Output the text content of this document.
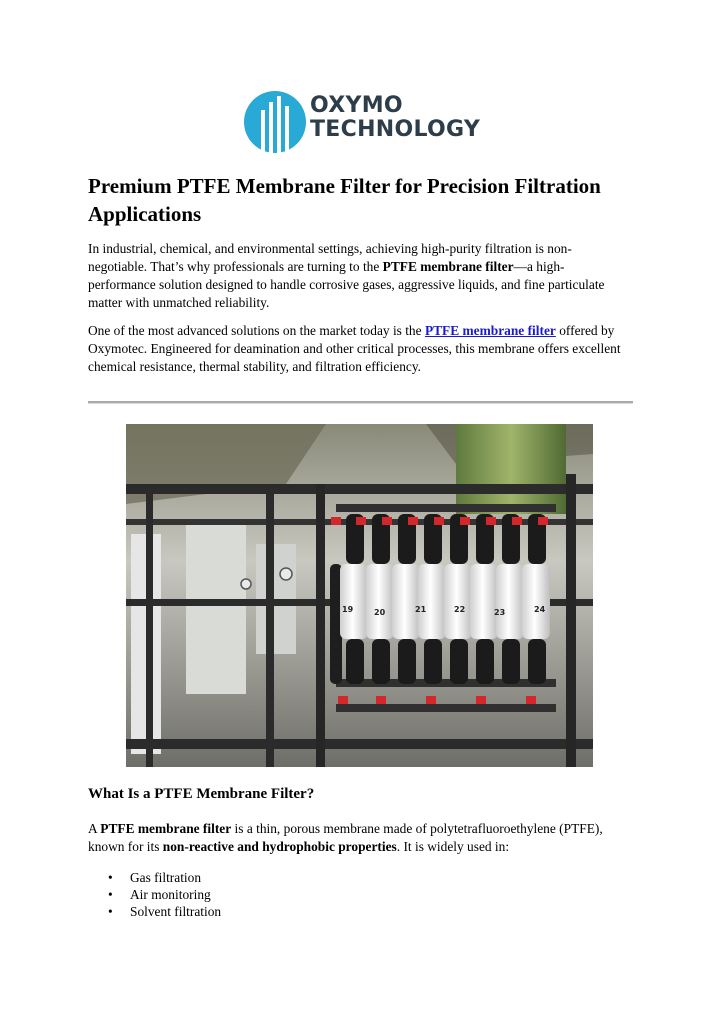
OXYMO
TECHNOLOGY
Premium PTFE Membrane Filter for Precision Filtration Applications

In industrial, chemical, and environmental settings, achieving high-purity filtration is non-negotiable. That’s why professionals are turning to the PTFE membrane filter—a high-performance solution designed to handle corrosive gases, aggressive liquids, and fine particulate matter with unmatched reliability.

One of the most advanced solutions on the market today is the PTFE membrane filter offered by Oxymotec. Engineered for deamination and other critical processes, this membrane offers excellent chemical resistance, thermal stability, and filtration efficiency.

19	20	21	22	23	24
What Is a PTFE Membrane Filter?

A PTFE membrane filter is a thin, porous membrane made of polytetrafluoroethylene (PTFE), known for its non-reactive and hydrophobic properties. It is widely used in:

• Gas filtration
• Air monitoring
• Solvent filtration
